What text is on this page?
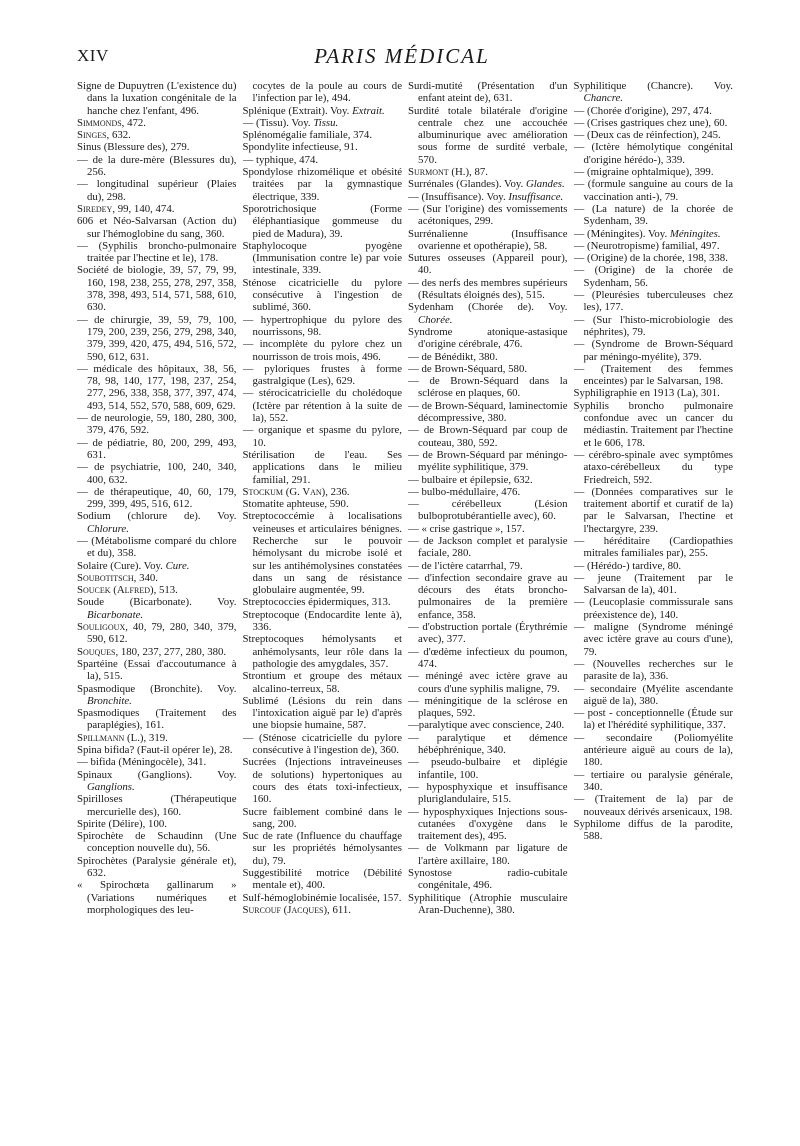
XIV	PARIS MÉDICAL

Signe de Dupuytren (L'existence du) dans la luxation congénitale de la hanche chez l'enfant, 496.

Simmonds, 472.

Singes, 632.

Sinus (Blessure des), 279.

— de la dure-mère (Blessures du), 256.

— longitudinal supérieur (Plaies du), 298.

Siredey, 99, 140, 474.

606 et Néo-Salvarsan (Action du) sur l'hémoglobine du sang, 360.

— (Syphilis broncho-pulmonaire traitée par l'hectine et le), 178.

Société de biologie, 39, 57, 79, 99, 160, 198, 238, 255, 278, 297, 358, 378, 398, 493, 514, 571, 588, 610, 630.

— de chirurgie, 39, 59, 79, 100, 179, 200, 239, 256, 279, 298, 340, 379, 399, 420, 475, 494, 516, 572, 590, 612, 631.

— médicale des hôpitaux, 38, 56, 78, 98, 140, 177, 198, 237, 254, 277, 296, 338, 358, 377, 397, 474, 493, 514, 552, 570, 588, 609, 629.

— de neurologie, 59, 180, 280, 300, 379, 476, 592.

— de pédiatrie, 80, 200, 299, 493, 631.

— de psychiatrie, 100, 240, 340, 400, 632.

— de thérapeutique, 40, 60, 179, 299, 399, 495, 516, 612.

Sodium (chlorure de). Voy. Chlorure.

— (Métabolisme comparé du chlore et du), 358.

Solaire (Cure). Voy. Cure.

Soubotitsch, 340.

Soucek (Alfred), 513.

Soude (Bicarbonate). Voy. Bicarbonate.

Souligoux, 40, 79, 280, 340, 379, 590, 612.

Souques, 180, 237, 277, 280, 380.

Spartéine (Essai d'accoutumance à la), 515.

Spasmodique (Bronchite). Voy. Bronchite.

Spasmodiques (Traitement des paraplégies), 161.

Spillmann (L.), 319.

Spina bifida? (Faut-il opérer le), 28.

— bifida (Méningocèle), 341.

Spinaux (Ganglions). Voy. Ganglions.

Spirilloses (Thérapeutique mercurielle des), 160.

Spirite (Délire), 100.

Spirochète de Schaudinn (Une conception nouvelle du), 56.

Spirochètes (Paralysie générale et), 632.

« Spirochœta gallinarum » (Variations numériques et morphologiques des leu-

cocytes de la poule au cours de l'infection par le), 494.

Splénique (Extrait). Voy. Extrait.

— (Tissu). Voy. Tissu.

Splénomégalie familiale, 374.

Spondylite infectieuse, 91.

— typhique, 474.

Spondylose rhizomélique et obésité traitées par la gymnastique électrique, 339.

Sporotrichosique (Forme éléphantiasique gommeuse du pied de Madura), 39.

Staphylocoque pyogène (Immunisation contre le) par voie intestinale, 339.

Sténose cicatricielle du pylore consécutive à l'ingestion de sublimé, 360.

— hypertrophique du pylore des nourrissons, 98.

— incomplète du pylore chez un nourrisson de trois mois, 496.

— pyloriques frustes à forme gastralgique (Les), 629.

— stérocicatricielle du cholédoque (Ictère par rétention à la suite de la), 552.

— organique et spasme du pylore, 10.

Stérilisation de l'eau. Ses applications dans le milieu familial, 291.

Stockum (G. Van), 236.

Stomatite aphteuse, 590.

Streptococcémie à localisations veineuses et articulaires bénignes. Recherche sur le pouvoir hémolysant du microbe isolé et sur les antihémolysines constatées dans un sang de résistance globulaire augmentée, 99.

Streptococcies épidermiques, 313.

Streptocoque (Endocardite lente à), 336.

Streptocoques hémolysants et anhémolysants, leur rôle dans la pathologie des amygdales, 357.

Strontium et groupe des métaux alcalino-terreux, 58.

Sublimé (Lésions du rein dans l'intoxication aiguë par le) d'après une biopsie humaine, 587.

— (Sténose cicatricielle du pylore consécutive à l'ingestion de), 360.

Sucrées (Injections intraveineuses de solutions) hypertoniques au cours des états toxi-infectieux, 160.

Sucre faiblement combiné dans le sang, 200.

Suc de rate (Influence du chauffage sur les propriétés hémolysantes du), 79.

Suggestibilité motrice (Débilité mentale et), 400.

Sulf-hémoglobinémie localisée, 157.

Surcouf (Jacques), 611.

Surdi-mutité (Présentation d'un enfant ateint de), 631.

Surdité totale bilatérale d'origine centrale chez une accouchée albuminurique avec amélioration sous forme de surdité verbale, 570.

Surmont (H.), 87.

Surrénales (Glandes). Voy. Glandes.

— (Insuffisance). Voy. Insuffisance.

— (Sur l'origine) des vomissements acétoniques, 299.

Surrénalienne (Insuffisance ovarienne et opothérapie), 58.

Sutures osseuses (Appareil pour), 40.

— des nerfs des membres supérieurs (Résultats éloignés des), 515.

Sydenham (Chorée de). Voy. Chorée.

Syndrome atonique-astasique d'origine cérébrale, 476.

— de Bénédikt, 380.

— de Brown-Séquard, 580.

— de Brown-Séquard dans la sclérose en plaques, 60.

— de Brown-Séquard, laminectomie décompressive, 380.

— de Brown-Séquard par coup de couteau, 380, 592.

— de Brown-Séquard par méningo-myélite syphilitique, 379.

— bulbaire et épilepsie, 632.

— bulbo-médullaire, 476.

— cérébelleux (Lésion bulboprotubérantielle avec), 60.

— « crise gastrique », 157.

— de Jackson complet et paralysie faciale, 280.

— de l'ictère catarrhal, 79.

— d'infection secondaire grave au décours des états broncho-pulmonaires de la première enfance, 358.

— d'obstruction portale (Érythrémie avec), 377.

— d'œdème infectieux du poumon, 474.

— méningé avec ictère grave au cours d'une syphilis maligne, 79.

— méningitique de la sclérose en plaques, 592.

—paralytique avec conscience, 240.

— paralytique et démence hébéphrénique, 340.

— pseudo-bulbaire et diplégie infantile, 100.

— hyposphyxique et insuffisance pluriglandulaire, 515.

— hyposphyxiques Injections sous-cutanées d'oxygène dans le traitement des), 495.

— de Volkmann par ligature de l'artère axillaire, 180.

Synostose radio-cubitale congénitale, 496.

Syphilitique (Atrophie musculaire Aran-Duchenne), 380.

Syphilitique (Chancre). Voy. Chancre.

— (Chorée d'origine), 297, 474.

— (Crises gastriques chez une), 60.

— (Deux cas de réinfection), 245.

— (Ictère hémolytique congénital d'origine hérédo-), 339.

— (migraine ophtalmique), 399.

— (formule sanguine au cours de la vaccination anti-), 79.

— (La nature) de la chorée de Sydenham, 39.

— (Méningites). Voy. Méningites.

— (Neurotropisme) familial, 497.

— (Origine) de la chorée, 198, 338.

— (Origine) de la chorée de Sydenham, 56.

— (Pleurésies tuberculeuses chez les), 177.

— (Sur l'histo-microbiologie des néphrites), 79.

— (Syndrome de Brown-Séquard par méningo-myélite), 379.

— (Traitement des femmes enceintes) par le Salvarsan, 198.

Syphiligraphie en 1913 (La), 301.

Syphilis broncho pulmonaire confondue avec un cancer du médiastin. Traitement par l'hectine et le 606, 178.

— cérébro-spinale avec symptômes ataxo-cérébelleux du type Friedreich, 592.

— (Données comparatives sur le traitement abortif et curatif de la) par le Salvarsan, l'hectine et l'hectargyre, 239.

— héréditaire (Cardiopathies mitrales familiales par), 255.

— (Hérédo-) tardive, 80.

— jeune (Traitement par le Salvarsan de la), 401.

— (Leucoplasie commissurale sans préexistence de), 140.

— maligne (Syndrome méningé avec ictère grave au cours d'une), 79.

— (Nouvelles recherches sur le parasite de la), 336.

— secondaire (Myélite ascendante aiguë de la), 380.

— post - conceptionnelle (Étude sur la) et l'hérédité syphilitique, 337.

— secondaire (Poliomyélite antérieure aiguë au cours de la), 180.

— tertiaire ou paralysie générale, 340.

— (Traitement de la) par de nouveaux dérivés arsenicaux, 198.

Syphilome diffus de la parodite, 588.
